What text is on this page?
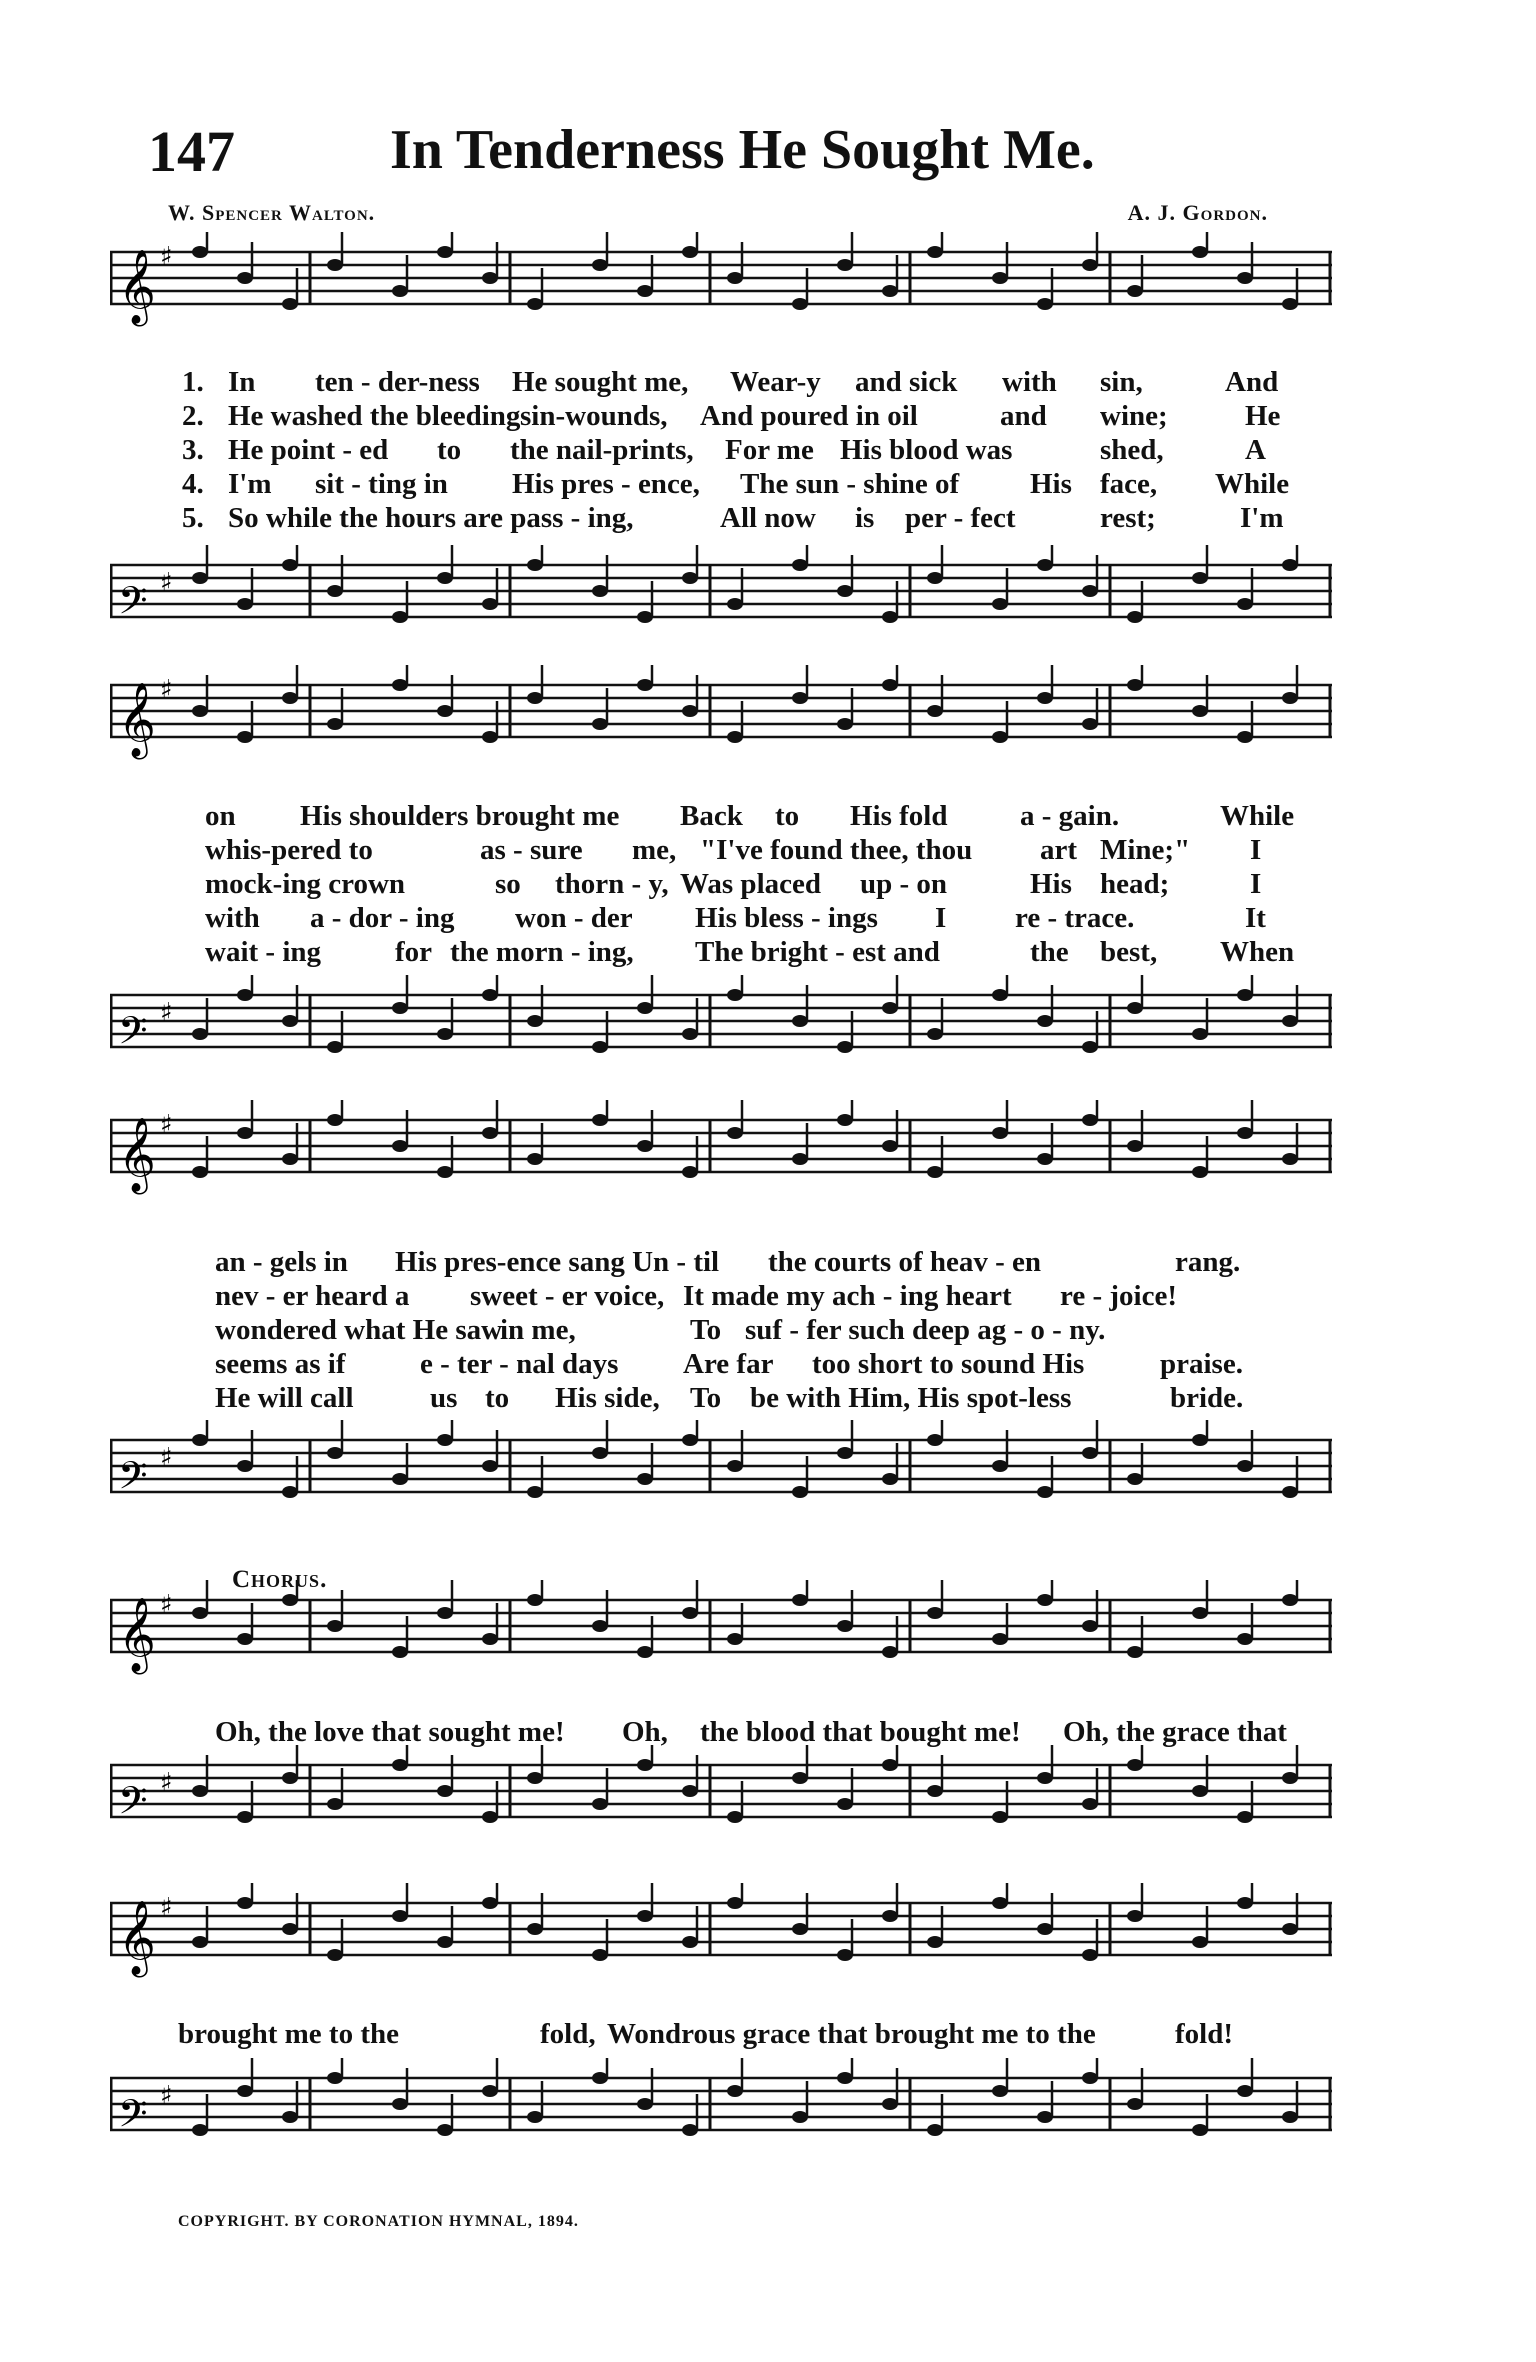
147	In Tenderness He Sought Me.
W. Spencer Walton.	A. J. Gordon.
𝄞 ♯
𝄢 ♯
𝄞 ♯
𝄢 ♯
𝄞 ♯
𝄢 ♯
𝄞 ♯
𝄢 ♯
𝄞 ♯
𝄢 ♯
1. In ten - der-ness He sought me, Wear-y and sick with sin,	And
2. He washed the bleeding sin-wounds, And poured in oil	and wine;	He
3. He point - ed to the nail-prints, For me His blood was	shed,	A
4. I'm sit - ting in His pres - ence, The sun - shine of His face, While
5. So while the hours are pass - ing,	All now is per - fect	rest;	I'm
on His shoulders brought me Back to His fold	a - gain.	While
whis-pered to	as - sure me, "I've found thee, thou art Mine;" I
mock-ing crown	so thorn - y, Was placed up - on	His head;	I
with a - dor - ing won - der His bless - ings I re - trace.	It
wait - ing	for the morn - ing, The bright - est and	the best, When
an - gels in His pres-ence sang Un - til the courts of heav - en	rang.
nev - er heard a sweet - er voice, It made my ach - ing heart re - joice!
wondered what He saw
in me,	To suf - fer such deep ag - o - ny.
seems as if	e - ter - nal days Are far too short to sound His	praise.
He will call	us to His side, To be with Him, His spot-less	bride.
Chorus.
Oh, the love that sought me! Oh, the blood that bought me! Oh, the grace that
brought me to the	fold, Wondrous grace that brought me to the	fold!
COPYRIGHT. BY CORONATION HYMNAL, 1894.
